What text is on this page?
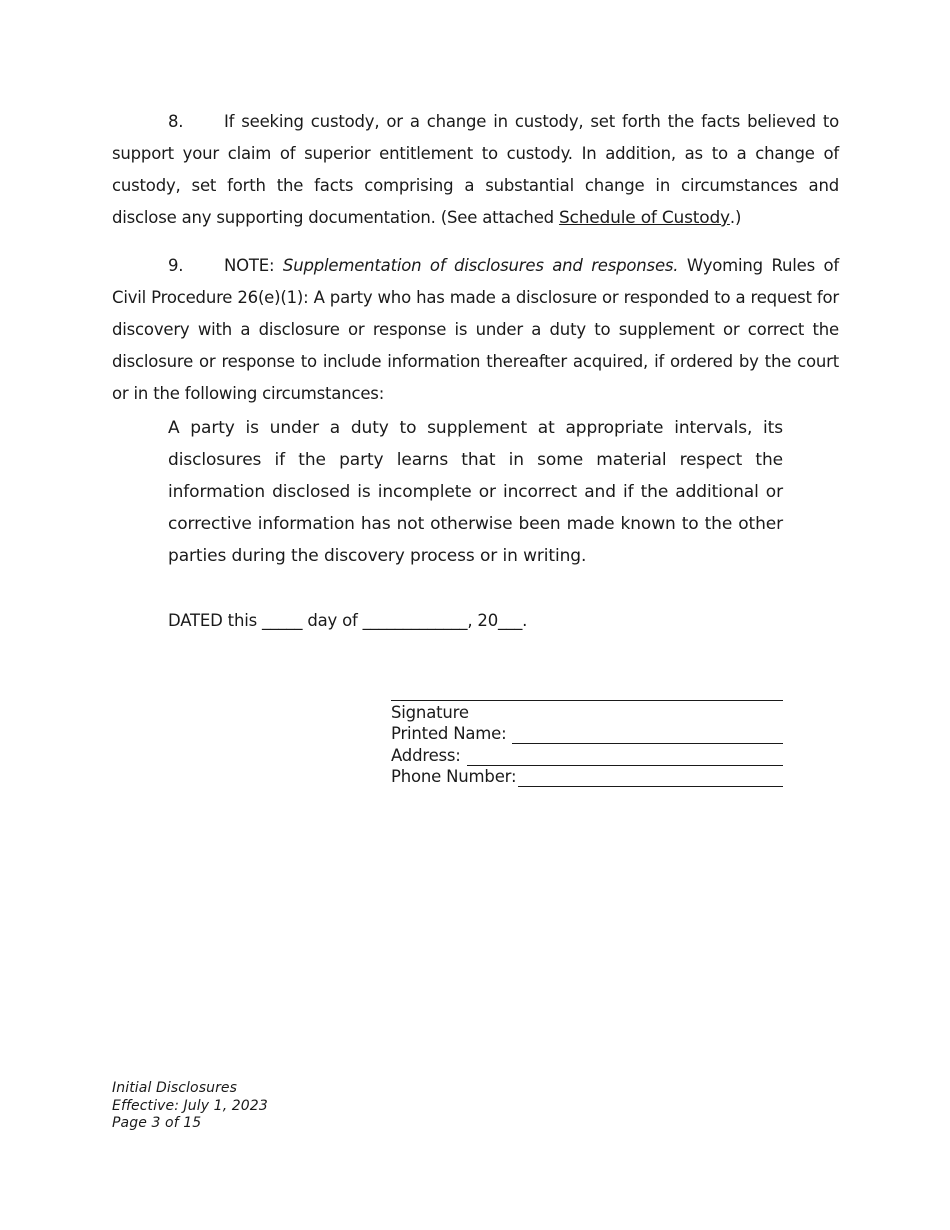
8. If seeking custody, or a change in custody, set forth the facts believed to support your claim of superior entitlement to custody. In addition, as to a change of custody, set forth the facts comprising a substantial change in circumstances and disclose any supporting documentation. (See attached Schedule of Custody.)
9. NOTE: Supplementation of disclosures and responses. Wyoming Rules of Civil Procedure 26(e)(1): A party who has made a disclosure or responded to a request for discovery with a disclosure or response is under a duty to supplement or correct the disclosure or response to include information thereafter acquired, if ordered by the court or in the following circumstances:
A party is under a duty to supplement at appropriate intervals, its disclosures if the party learns that in some material respect the information disclosed is incomplete or incorrect and if the additional or corrective information has not otherwise been made known to the other parties during the discovery process or in writing.
DATED this _____ day of _____________, 20___.
Signature
Printed Name:
Address:
Phone Number:
Initial Disclosures
Effective: July 1, 2023
Page 3 of 15
